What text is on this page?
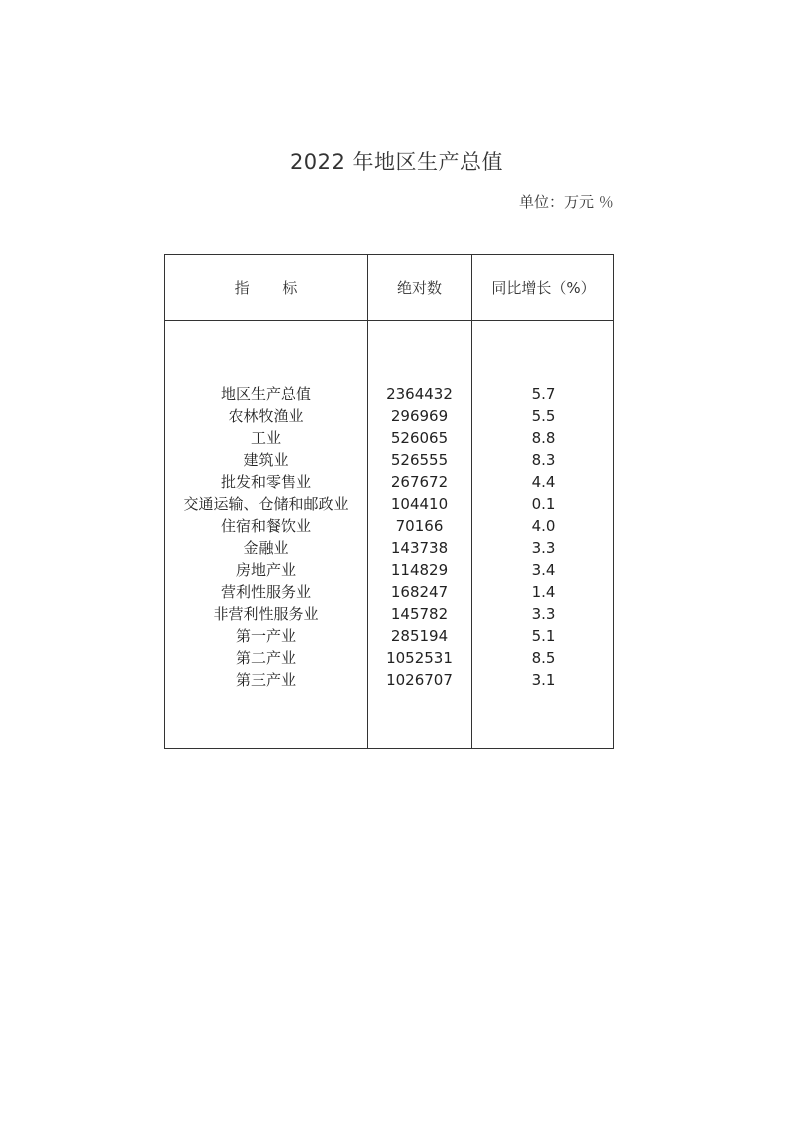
2022 年地区生产总值
单位：万元 ％
指 标	绝对数	同比增长（%）
地区生产总值	2364432	5.7
农林牧渔业	296969	5.5
工业	526065	8.8
建筑业	526555	8.3
批发和零售业	267672	4.4
交通运输、仓储和邮政业	104410	0.1
住宿和餐饮业	70166	4.0
金融业	143738	3.3
房地产业	114829	3.4
营利性服务业	168247	1.4
非营利性服务业	145782	3.3
第一产业	285194	5.1
第二产业	1052531	8.5
第三产业	1026707	3.1
